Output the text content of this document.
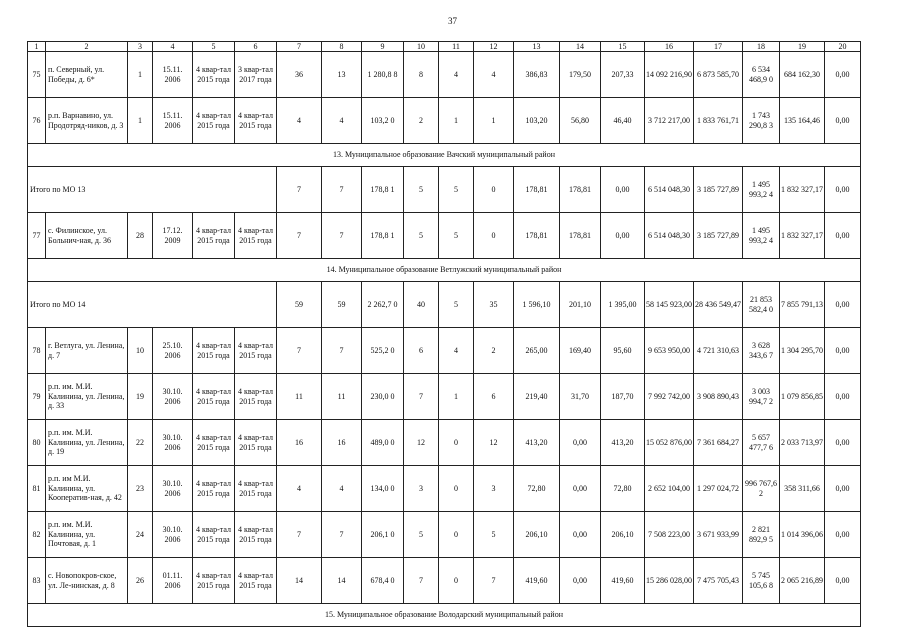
37
1	2	3	4	5	6	7	8	9	10	11	12	13	14	15	16	17	18	19	20
75	п. Северный, ул. Победы, д. 6*	1	15.11. 2006	4 квар-тал 2015 года	3 квар-тал 2017 года	36	13	1 280,8 8	8	4	4	386,83	179,50	207,33	14 092 216,90	6 873 585,70	6 534 468,9 0	684 162,30	0,00
76	р.п. Варнавино, ул. Продотряд-ников, д. 3	1	15.11. 2006	4 квар-тал 2015 года	4 квар-тал 2015 года	4	4	103,2 0	2	1	1	103,20	56,80	46,40	3 712 217,00	1 833 761,71	1 743 290,8 3	135 164,46	0,00
13. Муниципальное образование Вачский муниципальный район																			
Итого по МО 13						7	7	178,8 1	5	5	0	178,81	178,81	0,00	6 514 048,30	3 185 727,89	1 495 993,2 4	1 832 327,17	0,00
77	с. Филинское, ул. Больнич-ная, д. 36	28	17.12. 2009	4 квар-тал 2015 года	4 квар-тал 2015 года	7	7	178,8 1	5	5	0	178,81	178,81	0,00	6 514 048,30	3 185 727,89	1 495 993,2 4	1 832 327,17	0,00
14. Муниципальное образование Ветлужский муниципальный район																			
Итого по МО 14						59	59	2 262,7 0	40	5	35	1 596,10	201,10	1 395,00	58 145 923,00	28 436 549,47	21 853 582,4 0	7 855 791,13	0,00
78	г. Ветлуга, ул. Ленина, д. 7	10	25.10. 2006	4 квар-тал 2015 года	4 квар-тал 2015 года	7	7	525,2 0	6	4	2	265,00	169,40	95,60	9 653 950,00	4 721 310,63	3 628 343,6 7	1 304 295,70	0,00
79	р.п. им. М.И. Калинина, ул. Ленина, д. 33	19	30.10. 2006	4 квар-тал 2015 года	4 квар-тал 2015 года	11	11	230,0 0	7	1	6	219,40	31,70	187,70	7 992 742,00	3 908 890,43	3 003 994,7 2	1 079 856,85	0,00
80	р.п. им. М.И. Калинина, ул. Ленина, д. 19	22	30.10. 2006	4 квар-тал 2015 года	4 квар-тал 2015 года	16	16	489,0 0	12	0	12	413,20	0,00	413,20	15 052 876,00	7 361 684,27	5 657 477,7 6	2 033 713,97	0,00
81	р.п. им М.И. Калинина, ул. Кооператив-ная, д. 42	23	30.10. 2006	4 квар-тал 2015 года	4 квар-тал 2015 года	4	4	134,0 0	3	0	3	72,80	0,00	72,80	2 652 104,00	1 297 024,72	996 767,6 2	358 311,66	0,00
82	р.п. им. М.И. Калинина, ул. Почтовая, д. 1	24	30.10. 2006	4 квар-тал 2015 года	4 квар-тал 2015 года	7	7	206,1 0	5	0	5	206,10	0,00	206,10	7 508 223,00	3 671 933,99	2 821 892,9 5	1 014 396,06	0,00
83	с. Новопокров-ское, ул. Ле-нинская, д. 8	26	01.11. 2006	4 квар-тал 2015 года	4 квар-тал 2015 года	14	14	678,4 0	7	0	7	419,60	0,00	419,60	15 286 028,00	7 475 705,43	5 745 105,6 8	2 065 216,89	0,00
15. Муниципальное образование Володарский муниципальный район																			
